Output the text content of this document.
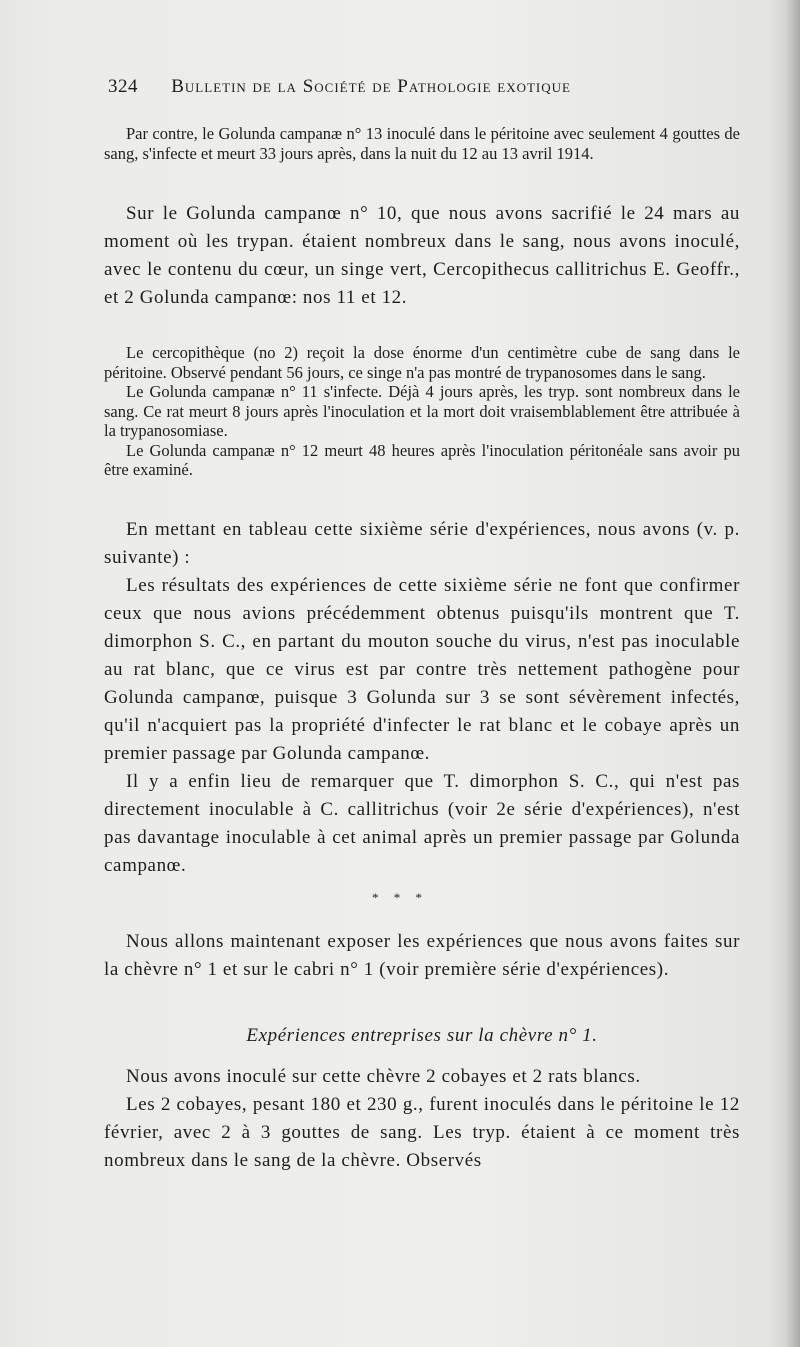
324 Bulletin de la Société de Pathologie exotique

Par contre, le Golunda campanæ n° 13 inoculé dans le péritoine avec seulement 4 gouttes de sang, s'infecte et meurt 33 jours après, dans la nuit du 12 au 13 avril 1914.

Sur le Golunda campanœ n° 10, que nous avons sacrifié le 24 mars au moment où les trypan. étaient nombreux dans le sang, nous avons inoculé, avec le contenu du cœur, un singe vert, Cercopithecus callitrichus E. Geoffr., et 2 Golunda campanœ: nos 11 et 12.

Le cercopithèque (no 2) reçoit la dose énorme d'un centimètre cube de sang dans le péritoine. Observé pendant 56 jours, ce singe n'a pas montré de trypanosomes dans le sang.

Le Golunda campanæ n° 11 s'infecte. Déjà 4 jours après, les tryp. sont nombreux dans le sang. Ce rat meurt 8 jours après l'inoculation et la mort doit vraisemblablement être attribuée à la trypanosomiase.

Le Golunda campanæ n° 12 meurt 48 heures après l'inoculation péritonéale sans avoir pu être examiné.

En mettant en tableau cette sixième série d'expériences, nous avons (v. p. suivante) :

Les résultats des expériences de cette sixième série ne font que confirmer ceux que nous avions précédemment obtenus puisqu'ils montrent que T. dimorphon S. C., en partant du mouton souche du virus, n'est pas inoculable au rat blanc, que ce virus est par contre très nettement pathogène pour Golunda campanœ, puisque 3 Golunda sur 3 se sont sévèrement infectés, qu'il n'acquiert pas la propriété d'infecter le rat blanc et le cobaye après un premier passage par Golunda campanœ.

Il y a enfin lieu de remarquer que T. dimorphon S. C., qui n'est pas directement inoculable à C. callitrichus (voir 2e série d'expériences), n'est pas davantage inoculable à cet animal après un premier passage par Golunda campanœ.

* * *

Nous allons maintenant exposer les expériences que nous avons faites sur la chèvre n° 1 et sur le cabri n° 1 (voir première série d'expériences).

Expériences entreprises sur la chèvre n° 1.

Nous avons inoculé sur cette chèvre 2 cobayes et 2 rats blancs.

Les 2 cobayes, pesant 180 et 230 g., furent inoculés dans le péritoine le 12 février, avec 2 à 3 gouttes de sang. Les tryp. étaient à ce moment très nombreux dans le sang de la chèvre. Observés
